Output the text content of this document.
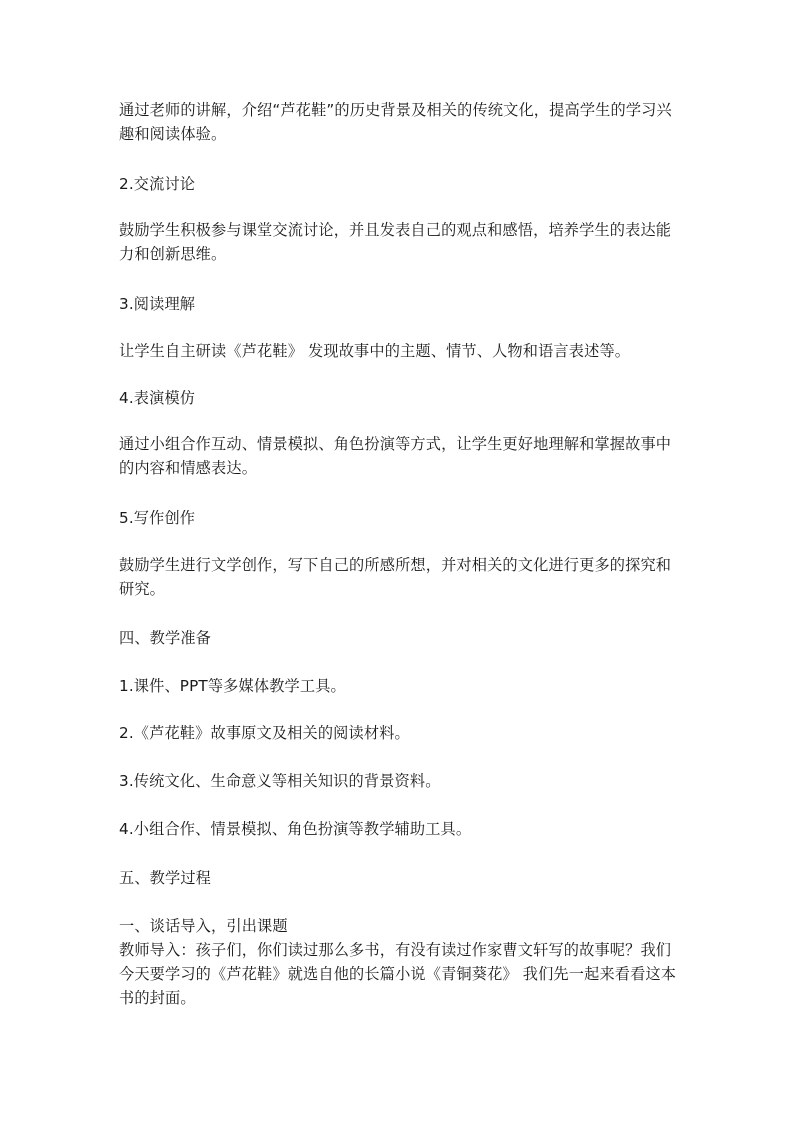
通过老师的讲解，介绍“芦花鞋”的历史背景及相关的传统文化，提高学生的学习兴趣和阅读体验。

2.交流讨论

鼓励学生积极参与课堂交流讨论，并且发表自己的观点和感悟，培养学生的表达能力和创新思维。

3.阅读理解

让学生自主研读《芦花鞋》 发现故事中的主题、情节、人物和语言表述等。

4.表演模仿

通过小组合作互动、情景模拟、角色扮演等方式，让学生更好地理解和掌握故事中的内容和情感表达。

5.写作创作

鼓励学生进行文学创作，写下自己的所感所想，并对相关的文化进行更多的探究和研究。

四、教学准备

1.课件、PPT等多媒体教学工具。

2.《芦花鞋》故事原文及相关的阅读材料。

3.传统文化、生命意义等相关知识的背景资料。

4.小组合作、情景模拟、角色扮演等教学辅助工具。

五、教学过程

一、谈话导入，引出课题

教师导入：孩子们，你们读过那么多书，有没有读过作家曹文轩写的故事呢？我们今天要学习的《芦花鞋》就选自他的长篇小说《青铜葵花》 我们先一起来看看这本书的封面。
